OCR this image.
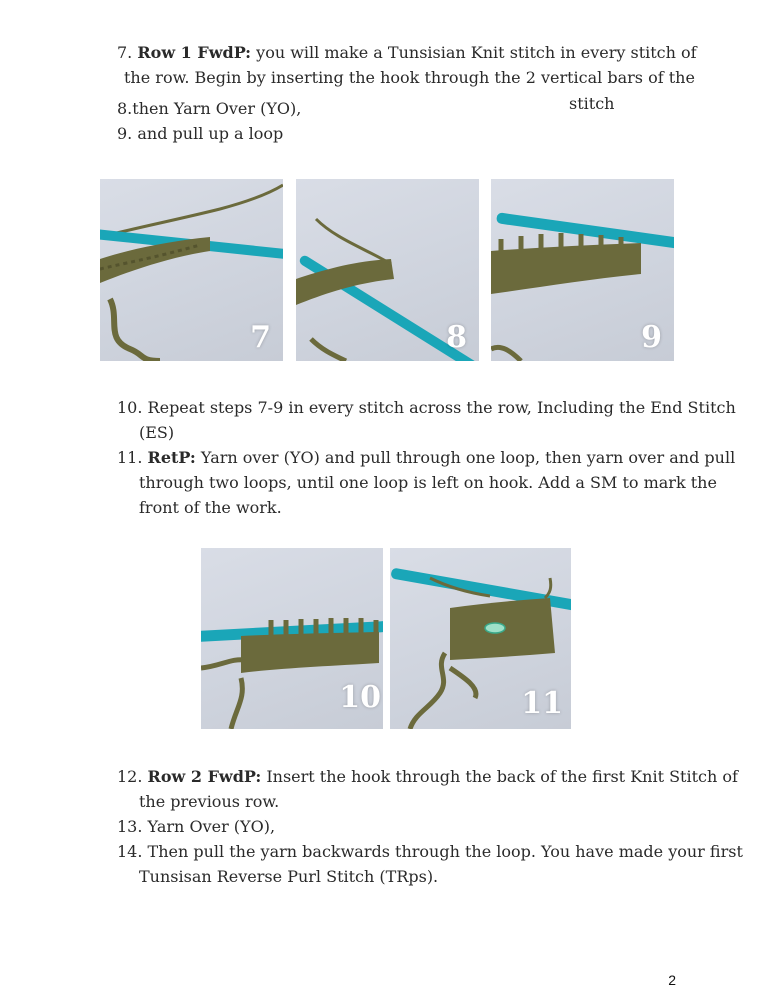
7. Row 1 FwdP: you will make a Tunsisian Knit stitch in every stitch of
the row. Begin by inserting the hook through the 2 vertical bars of the
stitch
8.then Yarn Over (YO),
9. and pull up a loop
7	8	9
10. Repeat steps 7-9 in every stitch across the row, Including the End Stitch
(ES)
11. RetP: Yarn over (YO) and pull through one loop, then yarn over and pull
through two loops, until one loop is left on hook. Add a SM to mark the
front of the work.
10	11
12. Row 2 FwdP: Insert the hook through the back of the first Knit Stitch of
the previous row.
13. Yarn Over (YO),
14. Then pull the yarn backwards through the loop. You have made your first
Tunsisan Reverse Purl Stitch (TRps).
2
